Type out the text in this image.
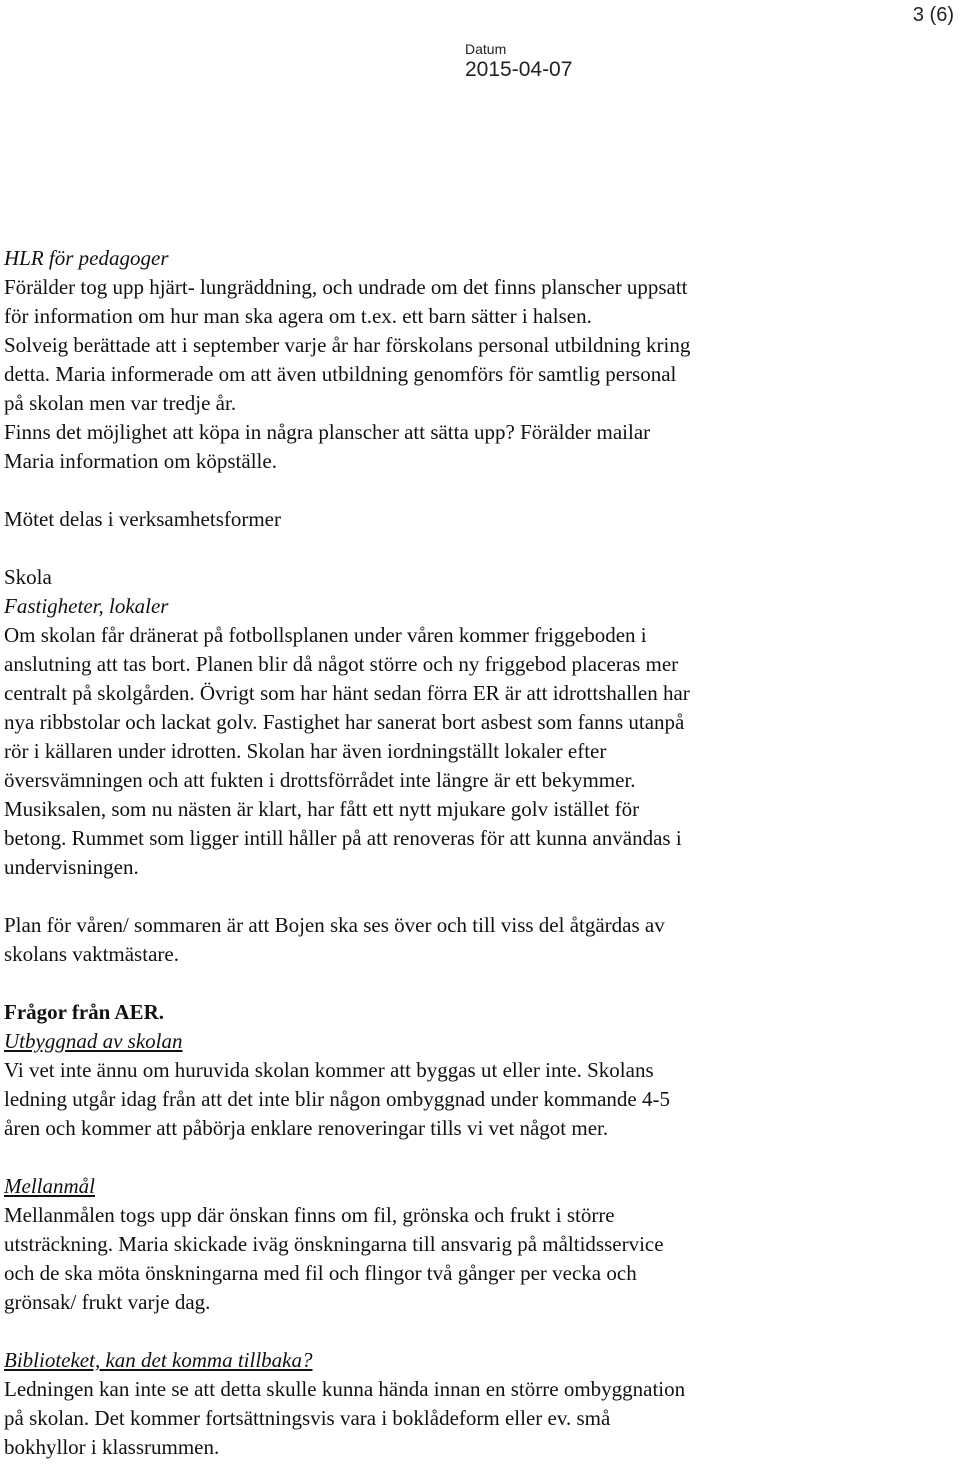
3 (6)
Datum
2015-04-07
HLR för pedagoger
Förälder tog upp hjärt- lungräddning, och undrade om det finns planscher uppsatt
för information om hur man ska agera om t.ex. ett barn sätter i halsen.
Solveig berättade att i september varje år har förskolans personal utbildning kring
detta. Maria informerade om att även utbildning genomförs för samtlig personal
på skolan men var tredje år.
Finns det möjlighet att köpa in några planscher att sätta upp? Förälder mailar
Maria information om köpställe.
Mötet delas i verksamhetsformer
Skola
Fastigheter, lokaler
Om skolan får dränerat på fotbollsplanen under våren kommer friggeboden i
anslutning att tas bort. Planen blir då något större och ny friggebod placeras mer
centralt på skolgården. Övrigt som har hänt sedan förra ER är att idrottshallen har
nya ribbstolar och lackat golv. Fastighet har sanerat bort asbest som fanns utanpå
rör i källaren under idrotten. Skolan har även iordningställt lokaler efter
översvämningen och att fukten i drottsförrådet inte längre är ett bekymmer.
Musiksalen, som nu nästen är klart, har fått ett nytt mjukare golv istället för
betong. Rummet som ligger intill håller på att renoveras för att kunna användas i
undervisningen.
Plan för våren/ sommaren är att Bojen ska ses över och till viss del åtgärdas av
skolans vaktmästare.
Frågor från AER.
Utbyggnad av skolan
Vi vet inte ännu om huruvida skolan kommer att byggas ut eller inte. Skolans
ledning utgår idag från att det inte blir någon ombyggnad under kommande 4-5
åren och kommer att påbörja enklare renoveringar tills vi vet något mer.
Mellanmål
Mellanmålen togs upp där önskan finns om fil, grönska och frukt i större
utsträckning. Maria skickade iväg önskningarna till ansvarig på måltidsservice
och de ska möta önskningarna med fil och flingor två gånger per vecka och
grönsak/ frukt varje dag.
Biblioteket, kan det komma tillbaka?
Ledningen kan inte se att detta skulle kunna hända innan en större ombyggnation
på skolan. Det kommer fortsättningsvis vara i boklådeform eller ev. små
bokhyllor i klassrummen.
